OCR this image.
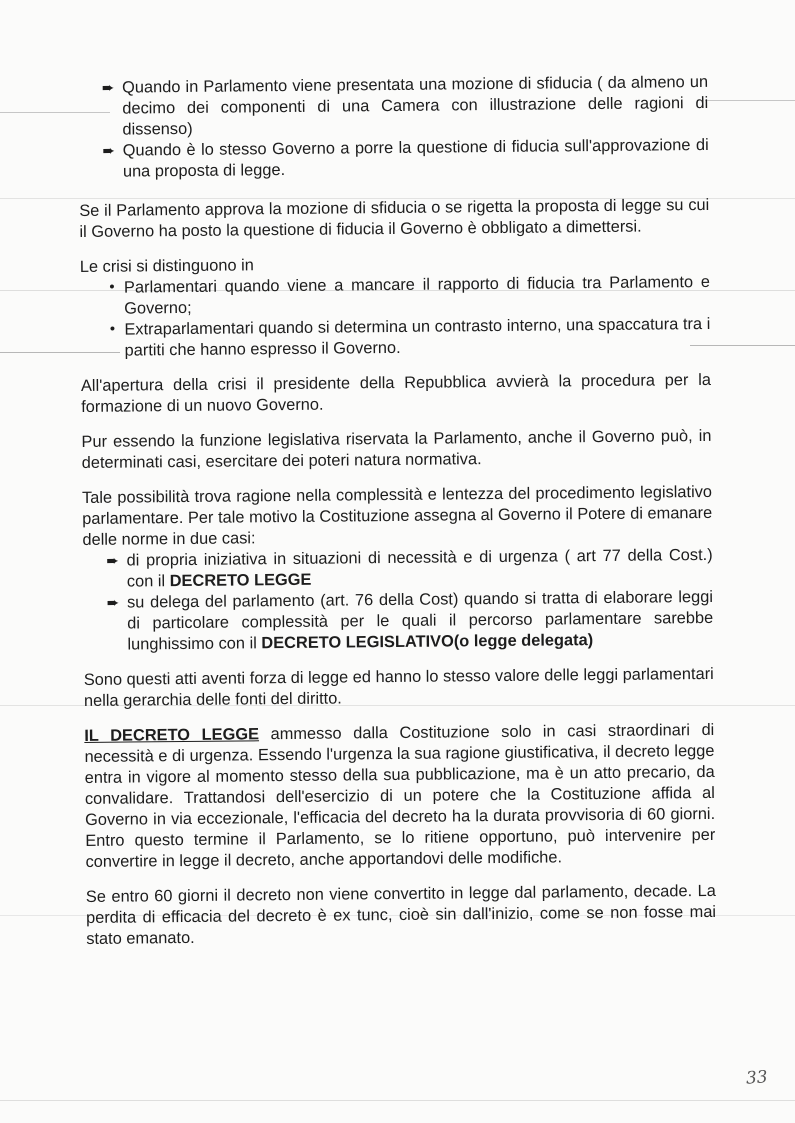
➨ Quando in Parlamento viene presentata una mozione di sfiducia ( da almeno un decimo dei componenti di una Camera con illustrazione delle ragioni di dissenso)
➨ Quando è lo stesso Governo a porre la questione di fiducia sull'approvazione di una proposta di legge.

Se il Parlamento approva la mozione di sfiducia o se rigetta la proposta di legge su cui il Governo ha posto la questione di fiducia il Governo è obbligato a dimettersi.

Le crisi si distinguono in

• Parlamentari quando viene a mancare il rapporto di fiducia tra Parlamento e Governo;
• Extraparlamentari quando si determina un contrasto interno, una spaccatura tra i partiti che hanno espresso il Governo.

All'apertura della crisi il presidente della Repubblica avvierà la procedura per la formazione di un nuovo Governo.

Pur essendo la funzione legislativa riservata la Parlamento, anche il Governo può, in determinati casi, esercitare dei poteri natura normativa.

Tale possibilità trova ragione nella complessità e lentezza del procedimento legislativo parlamentare. Per tale motivo la Costituzione assegna al Governo il Potere di emanare delle norme in due casi:

➨ di propria iniziativa in situazioni di necessità e di urgenza ( art 77 della Cost.) con il DECRETO LEGGE
➨ su delega del parlamento (art. 76 della Cost) quando si tratta di elaborare leggi di particolare complessità per le quali il percorso parlamentare sarebbe lunghissimo con il DECRETO LEGISLATIVO(o legge delegata)

Sono questi atti aventi forza di legge ed hanno lo stesso valore delle leggi parlamentari nella gerarchia delle fonti del diritto.

IL DECRETO LEGGE ammesso dalla Costituzione solo in casi straordinari di necessità e di urgenza. Essendo l'urgenza la sua ragione giustificativa, il decreto legge entra in vigore al momento stesso della sua pubblicazione, ma è un atto precario, da convalidare. Trattandosi dell'esercizio di un potere che la Costituzione affida al Governo in via eccezionale, l'efficacia del decreto ha la durata provvisoria di 60 giorni. Entro questo termine il Parlamento, se lo ritiene opportuno, può intervenire per convertire in legge il decreto, anche apportandovi delle modifiche.

Se entro 60 giorni il decreto non viene convertito in legge dal parlamento, decade. La perdita di efficacia del decreto è ex tunc, cioè sin dall'inizio, come se non fosse mai stato emanato.

33
